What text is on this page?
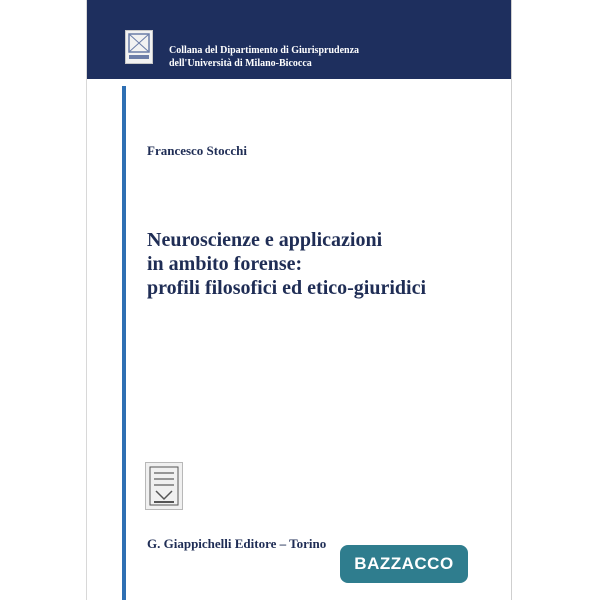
Collana del Dipartimento di Giurisprudenza
dell'Università di Milano-Bicocca
Francesco Stocchi
Neuroscienze e applicazioni
in ambito forense:
profili filosofici ed etico-giuridici
G. Giappichelli Editore – Torino
BAZZACCO
